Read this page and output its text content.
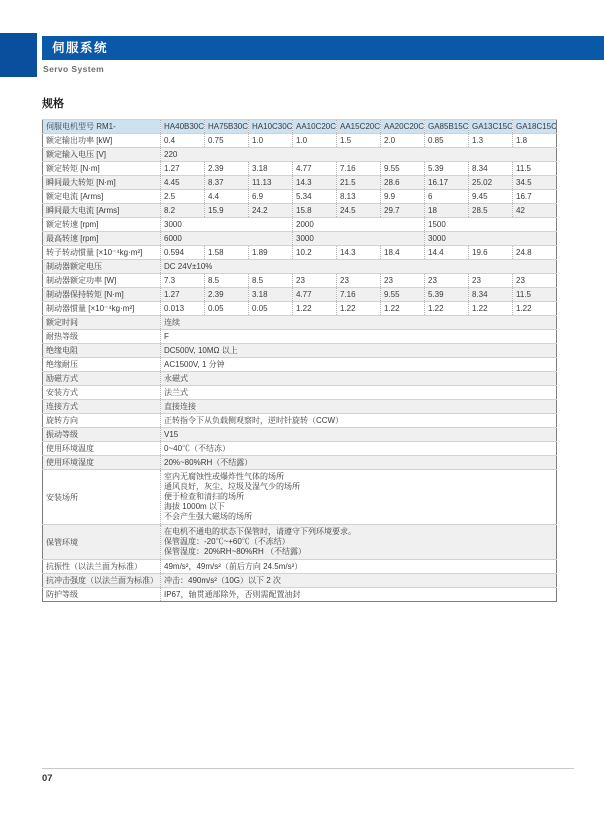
伺服系统
Servo System
规格
伺服电机型号 RM1-	HA40B30C	HA75B30C	HA10C30C	AA10C20C	AA15C20C	AA20C20C	GA85B15C	GA13C15C	GA18C15C
额定输出功率 [kW]	0.4	0.75	1.0	1.0	1.5	2.0	0.85	1.3	1.8
额定输入电压 [V]	220								
额定转矩 [N·m]	1.27	2.39	3.18	4.77	7.16	9.55	5.39	8.34	11.5
瞬间最大转矩 [N·m]	4.45	8.37	11.13	14.3	21.5	28.6	16.17	25.02	34.5
额定电流 [Arms]	2.5	4.4	6.9	5.34	8.13	9.9	6	9.45	16.7
瞬间最大电流 [Arms]	8.2	15.9	24.2	15.8	24.5	29.7	18	28.5	42
额定转速 [rpm]	3000			2000			1500		
最高转速 [rpm]	6000			3000			3000		
转子转动惯量 [×10⁻⁴kg·m²]	0.594	1.58	1.89	10.2	14.3	18.4	14.4	19.6	24.8
制动器额定电压	DC 24V±10%								
制动器额定功率 [W]	7.3	8.5	8.5	23	23	23	23	23	23
制动器保持转矩 [N·m]	1.27	2.39	3.18	4.77	7.16	9.55	5.39	8.34	11.5
制动器惯量 [×10⁻⁴kg·m²]	0.013	0.05	0.05	1.22	1.22	1.22	1.22	1.22	1.22
额定时间	连续								
耐热等级	F								
绝缘电阻	DC500V, 10MΩ 以上								
绝缘耐压	AC1500V, 1 分钟								
励磁方式	永磁式								
安装方式	法兰式								
连接方式	直接连接								
旋转方向	正转指令下从负载侧观察时，逆时针旋转（CCW）								
振动等级	V15								
使用环境温度	0~40℃（不结冻）								
使用环境湿度	20%~80%RH（不结露）								
安装场所	室内无腐蚀性或爆炸性气体的场所
通风良好，灰尘、垃圾及湿气少的场所
便于检查和清扫的场所
海拔 1000m 以下
不会产生强大磁场的场所								

保管环境	在电机不通电的状态下保管时，请遵守下列环境要求。
保管温度：-20℃~+60℃（不冻结）
保管湿度：20%RH~80%RH （不结露）								

抗振性（以法兰面为标准）	49m/s²，49m/s²（前后方向 24.5m/s²）								
抗冲击强度（以法兰面为标准）	冲击：490m/s²（10G）以下 2 次								
防护等级	IP67，轴贯通部除外，否则需配置油封								
07
